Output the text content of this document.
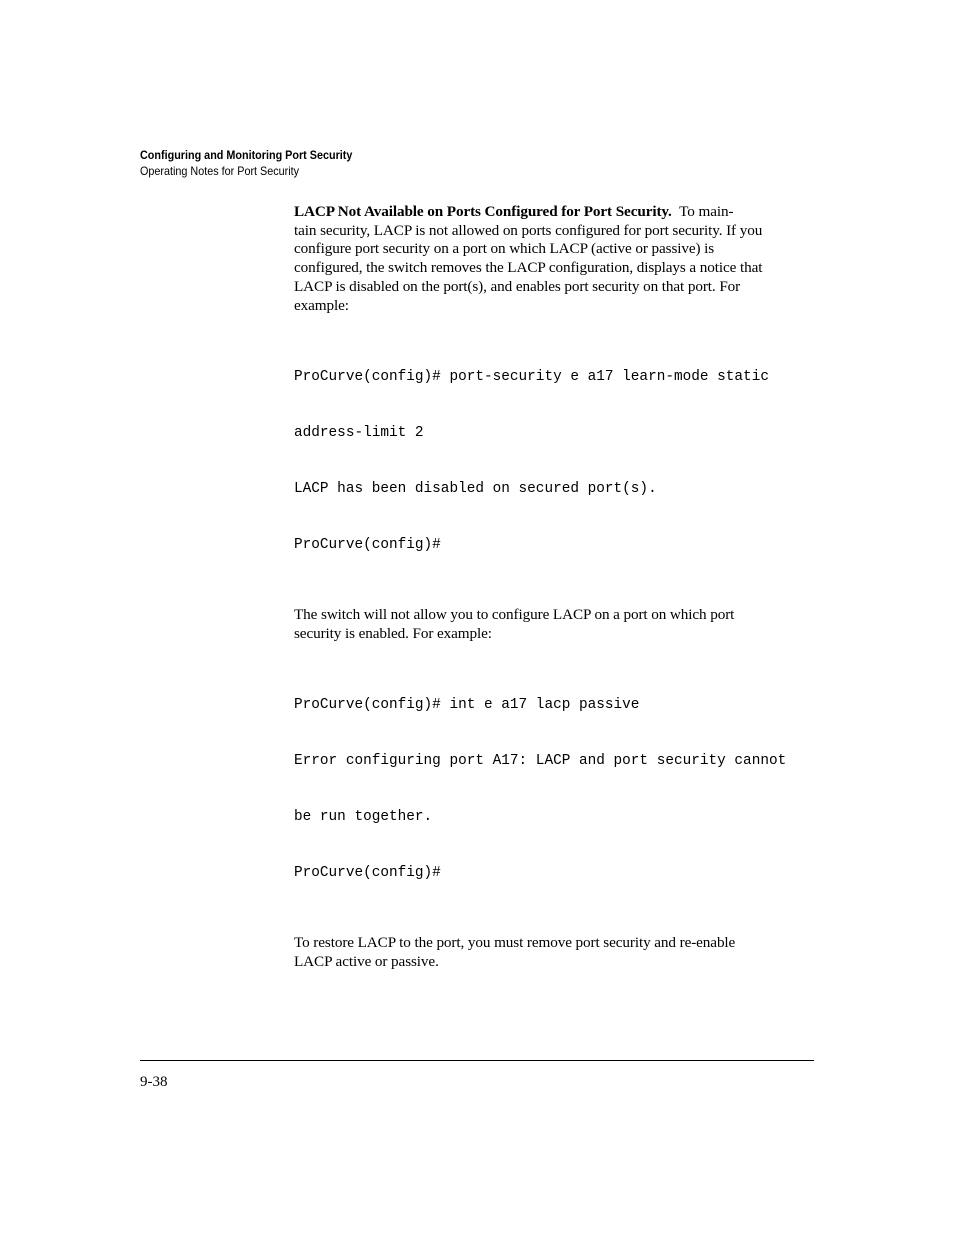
Configuring and Monitoring Port Security
Operating Notes for Port Security

LACP Not Available on Ports Configured for Port Security. To main-
tain security, LACP is not allowed on ports configured for port security. If you
configure port security on a port on which LACP (active or passive) is
configured, the switch removes the LACP configuration, displays a notice that
LACP is disabled on the port(s), and enables port security on that port. For
example:

ProCurve(config)# port-security e a17 learn-mode static

address-limit 2

LACP has been disabled on secured port(s).

ProCurve(config)#

The switch will not allow you to configure LACP on a port on which port
security is enabled. For example:

ProCurve(config)# int e a17 lacp passive

Error configuring port A17: LACP and port security cannot

be run together.

ProCurve(config)#

To restore LACP to the port, you must remove port security and re-enable
LACP active or passive.

9-38
